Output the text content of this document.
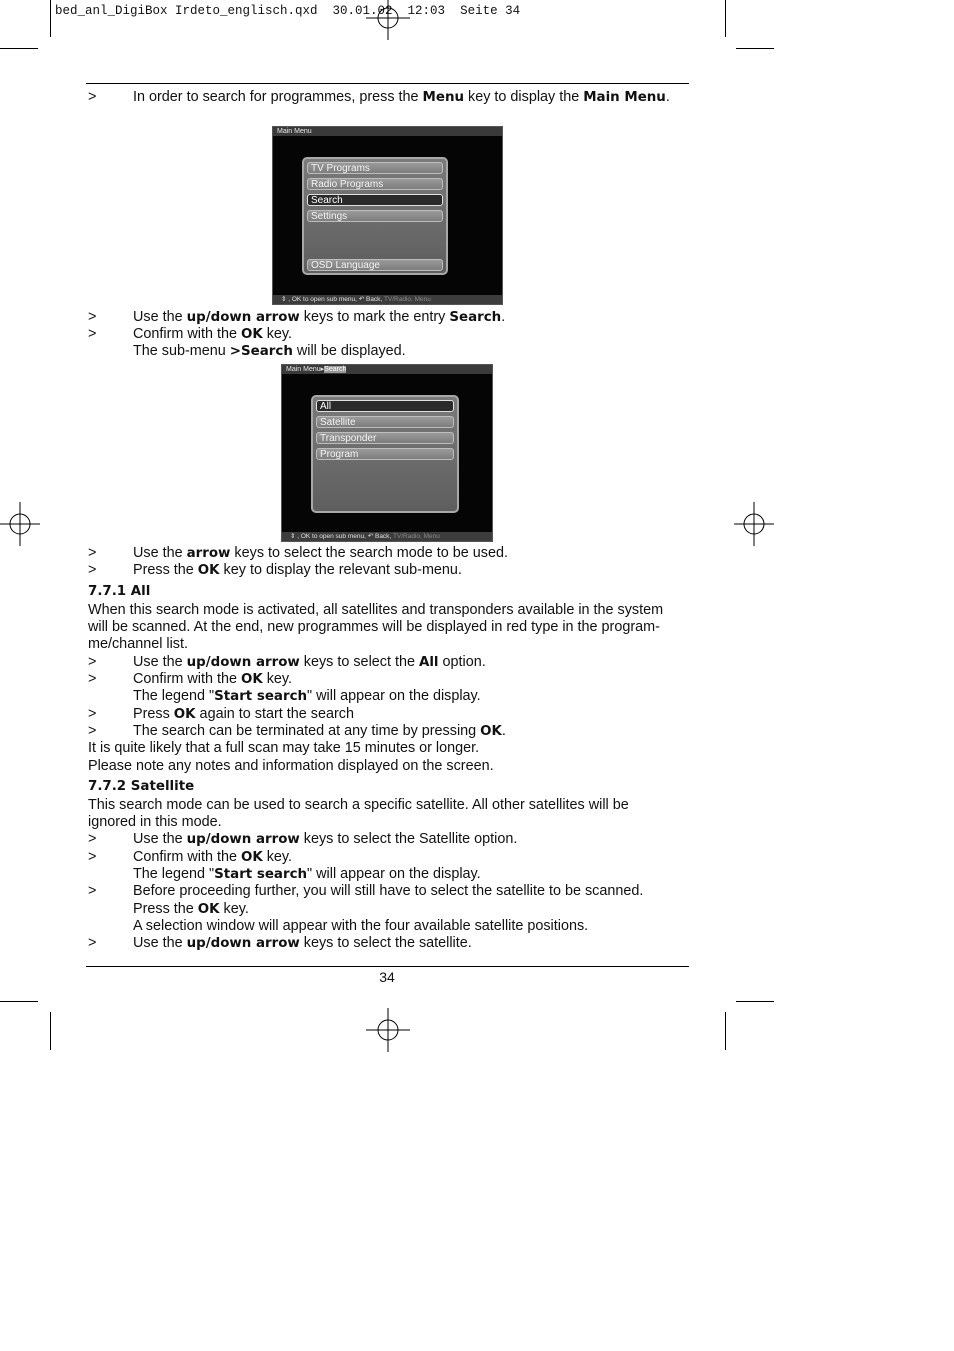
bed_anl_DigiBox Irdeto_englisch.qxd  30.01.02  12:03  Seite 34
>	In order to search for programmes, press the Menu key to display the Main Menu.
Main Menu
TV Programs
Radio Programs
Search
Settings
OSD Language
⇕ , OK to open sub menu, ↶ Back, TV/Radio, Menu
>	Use the up/down arrow keys to mark the entry Search.
>	Confirm with the OK key.
The sub-menu >Search will be displayed.
Main Menu▸Search
All
Satellite
Transponder
Program
⇕ , OK to open sub menu, ↶ Back, TV/Radio, Menu
>	Use the arrow keys to select the search mode to be used.
>	Press the OK key to display the relevant sub-menu.
7.7.1 All
When this search mode is activated, all satellites and transponders available in the system
will be scanned. At the end, new programmes will be displayed in red type in the program-
me/channel list.
>	Use the up/down arrow keys to select the All option.
>	Confirm with the OK key.
The legend "Start search" will appear on the display.
>	Press OK again to start the search
>	The search can be terminated at any time by pressing OK.
It is quite likely that a full scan may take 15 minutes or longer.
Please note any notes and information displayed on the screen.
7.7.2 Satellite
This search mode can be used to search a specific satellite. All other satellites will be
ignored in this mode.
>	Use the up/down arrow keys to select the Satellite option.
>	Confirm with the OK key.
The legend "Start search" will appear on the display.
>	Before proceeding further, you will still have to select the satellite to be scanned.
Press the OK key.
A selection window will appear with the four available satellite positions.
>	Use the up/down arrow keys to select the satellite.
34
